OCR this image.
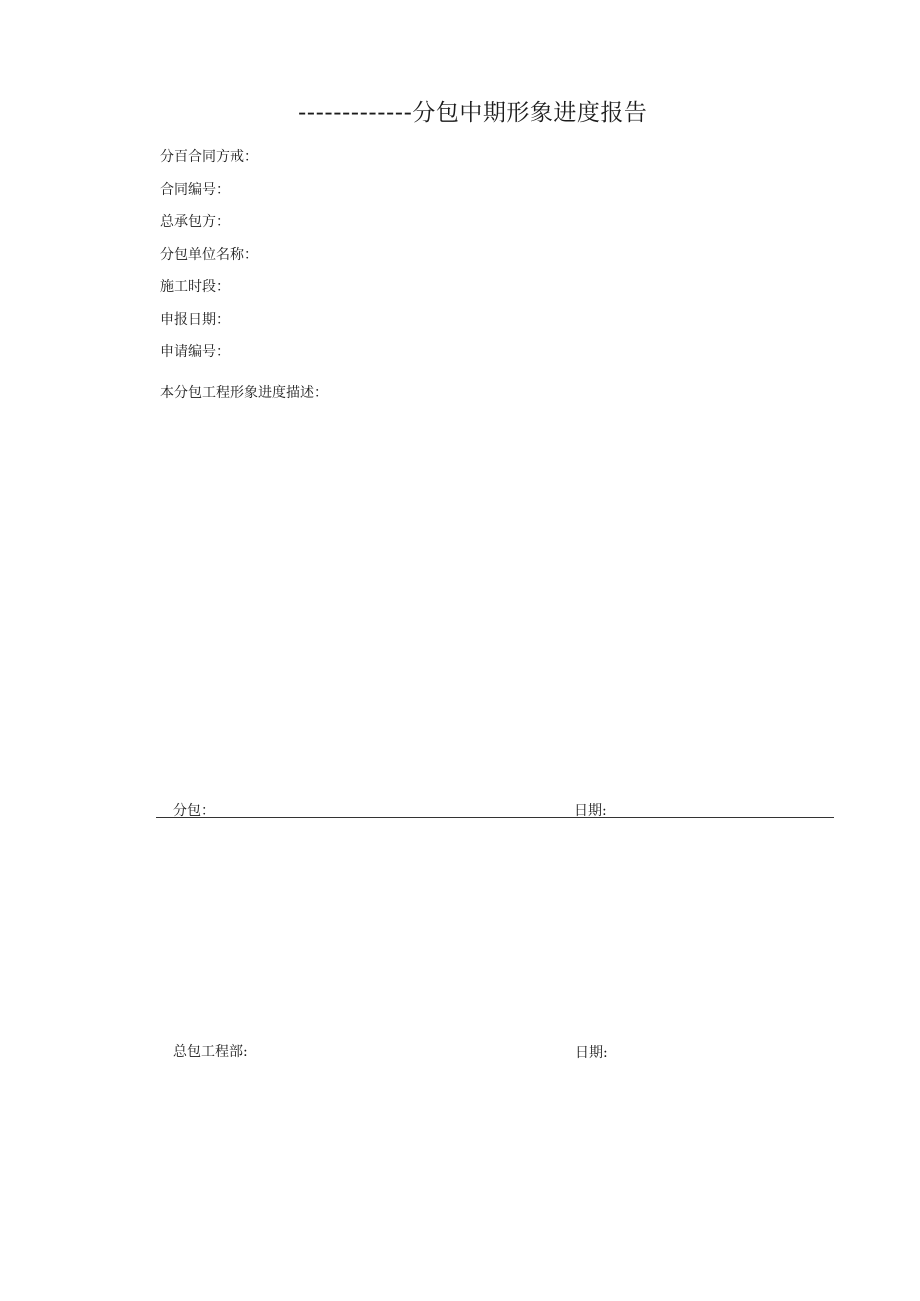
-------------分包中期形象进度报告
分百合同方戒：
合同编号：
总承包方：
分包单位名称：
施工时段：
申报日期：
申请编号：
本分包工程形象进度描述：
分包：	日期:
总包工程部:	日期:
